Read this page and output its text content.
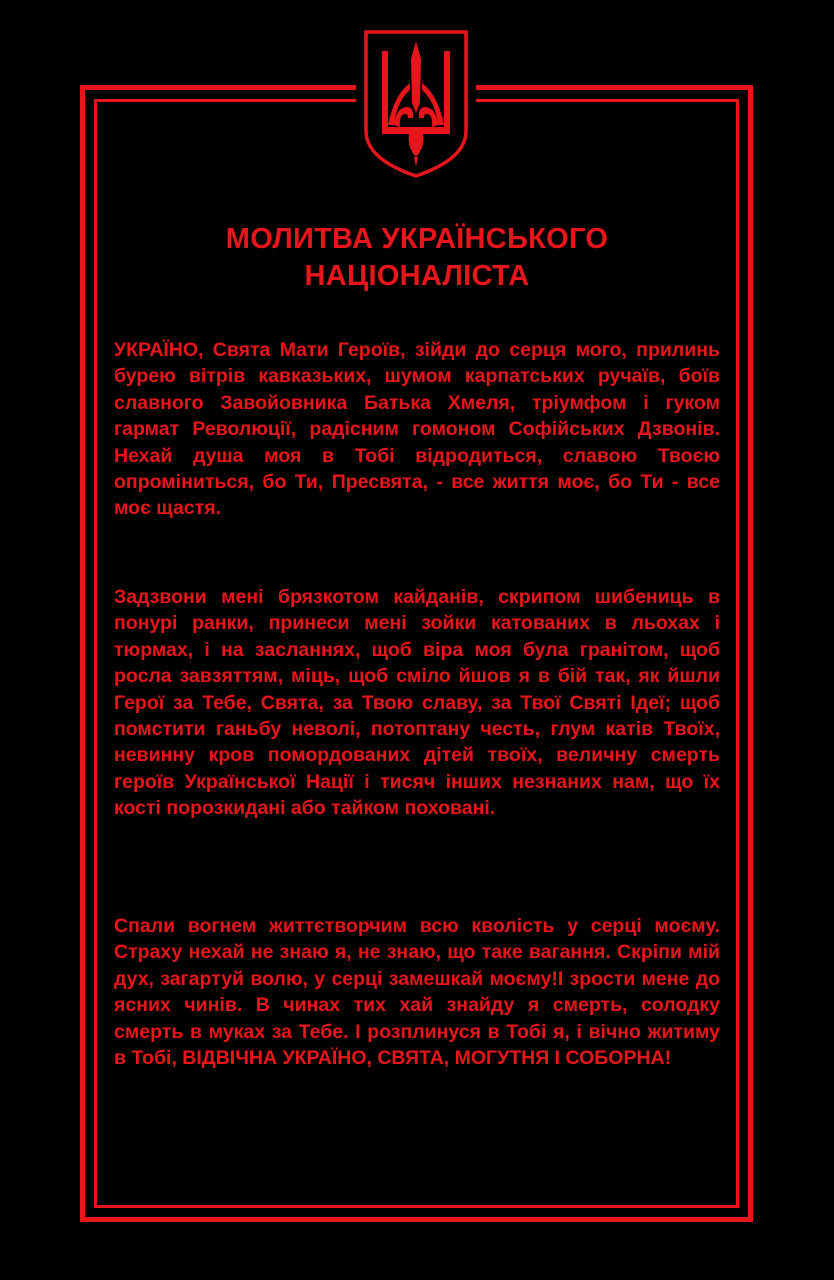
МОЛИТВА УКРАЇНСЬКОГО
НАЦІОНАЛІСТА

УКРАЇНО, Свята Мати Героїв, зійди до серця мого, прилинь бурею вітрів кавказьких, шумом карпатських ручаїв, боїв славного Завойовника Батька Хмеля, тріумфом і гуком гармат Революції, радісним гомоном Софійських Дзвонів. Нехай душа моя в Тобі відродиться, славою Твоєю опроміниться, бо Ти, Пресвята, - все життя моє, бо Ти - все моє щастя.

Задзвони мені брязкотом кайданів, скрипом шибениць в понурі ранки, принеси мені зойки катованих в льохах і тюрмах, і на засланнях, щоб віра моя була гранітом, щоб росла завзяттям, міць, щоб сміло йшов я в бій так, як йшли Герої за Тебе, Свята, за Твою славу, за Твої Святі Ідеї; щоб помстити ганьбу неволі, потоптану честь, глум катів Твоїх, невинну кров помордованих дітей твоїх, величну смерть героїв Української Нації і тисяч інших незнаних нам, що їх кості порозкидані або тайком поховані.

Спали вогнем життєтворчим всю кволість у серці моєму. Страху нехай не знаю я, не знаю, що таке вагання. Скріпи мій дух, загартуй волю, у серці замешкай моєму!І зрости мене до ясних чинів. В чинах тих хай знайду я смерть, солодку смерть в муках за Тебе. І розплинуся в Тобі я, і вічно житиму в Тобі, ВІДВІЧНА УКРАЇНО, СВЯТА, МОГУТНЯ І СОБОРНА!
